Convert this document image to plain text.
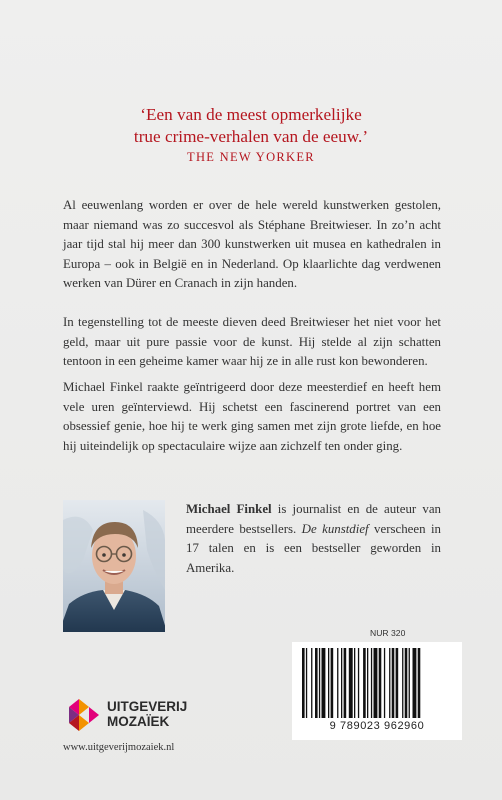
‘Een van de meest opmerkelijke
true crime-verhalen van de eeuw.’
THE NEW YORKER

Al eeuwenlang worden er over de hele wereld kunstwerken gestolen, maar niemand was zo succesvol als Stéphane Breitwieser. In zo’n acht jaar tijd stal hij meer dan 300 kunstwerken uit musea en kathedralen in Europa – ook in België en in Nederland. Op klaarlichte dag verdwenen werken van Dürer en Cranach in zijn handen.

In tegenstelling tot de meeste dieven deed Breitwieser het niet voor het geld, maar uit pure passie voor de kunst. Hij stelde al zijn schatten tentoon in een geheime kamer waar hij ze in alle rust kon bewonderen.

Michael Finkel raakte geïntrigeerd door deze meesterdief en heeft hem vele uren geïnterviewd. Hij schetst een fascinerend portret van een obsessief genie, hoe hij te werk ging samen met zijn grote liefde, en hoe hij uiteindelijk op spectaculaire wijze aan zichzelf ten onder ging.

Michael Finkel is journalist en de auteur van meerdere bestsellers. De kunstdief verscheen in 17 talen en is een bestseller geworden in Amerika.

NUR 320
9 789023 962960
UITGEVERIJ
MOZAÏEK
www.uitgeverijmozaiek.nl
